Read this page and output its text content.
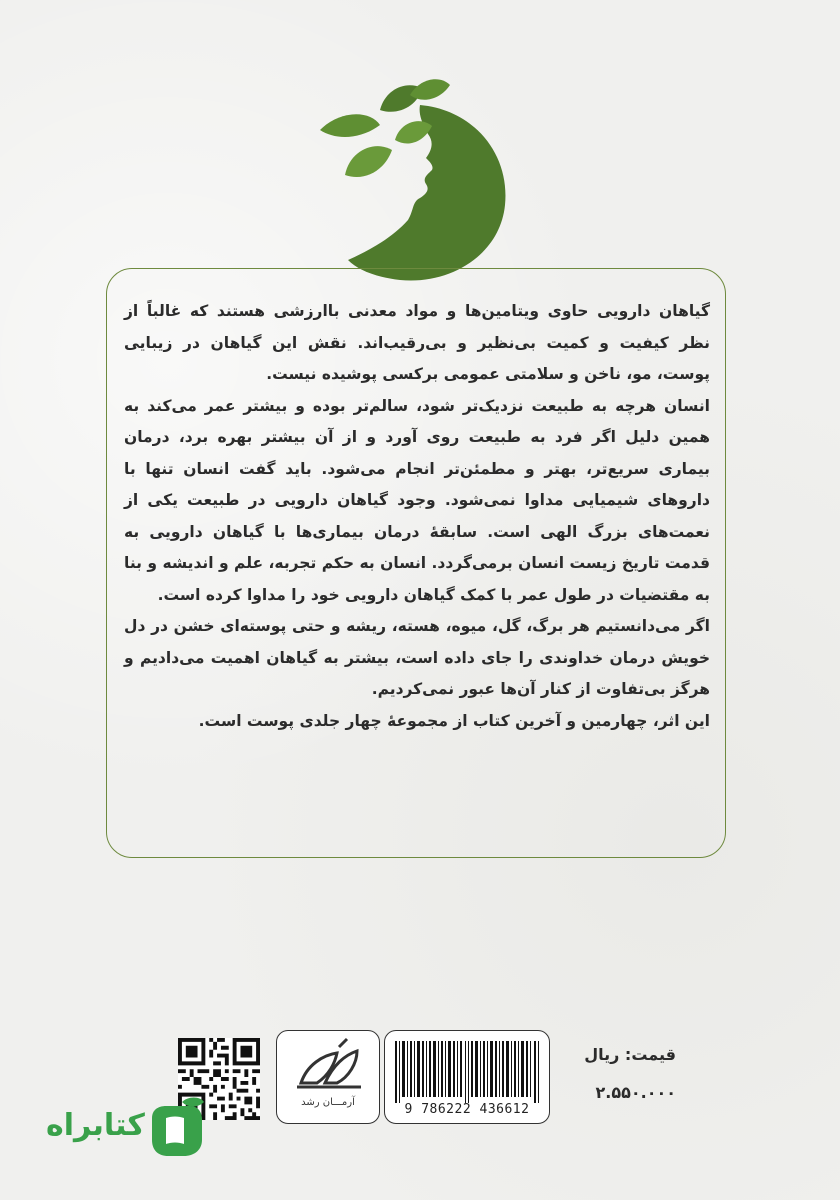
گیاهان دارویی حاوی ویتامین‌ها و مواد معدنی باارزشی هستند که غالباً از نظر کیفیت و کمیت بی‌نظیر و بی‌رقیب‌اند. نقش این گیاهان در زیبایی پوست، مو، ناخن و سلامتی عمومی برکسی پوشیده نیست.

انسان هرچه به طبیعت نزدیک‌تر شود، سالم‌تر بوده و بیشتر عمر می‌کند به همین دلیل اگر فرد به طبیعت روی آورد و از آن بیشتر بهره برد، درمان بیماری سریع‌تر، بهتر و مطمئن‌تر انجام می‌شود. باید گفت انسان تنها با داروهای شیمیایی مداوا نمی‌شود. وجود گیاهان دارویی در طبیعت یکی از نعمت‌های بزرگ الهی است. سابقهٔ درمان بیماری‌ها با گیاهان دارویی به قدمت تاریخ زیست انسان برمی‌گردد. انسان به حکم تجربه، علم و اندیشه و بنا به مقتضیات در طول عمر با کمک گیاهان دارویی خود را مداوا کرده است.

اگر می‌دانستیم هر برگ، گل، میوه، هسته، ریشه و حتی پوسته‌ای خشن در دل خویش درمان خداوندی را جای داده است، بیشتر به گیاهان اهمیت می‌دادیم و هرگز بی‌تفاوت از کنار آن‌ها عبور نمی‌کردیم.

این اثر، چهارمین و آخرین کتاب از مجموعهٔ چهار جلدی پوست است.

آرمـــان رشد	9 786222 436612
قیمت: ریال
۲.۵۵۰.۰۰۰
کتابراه
